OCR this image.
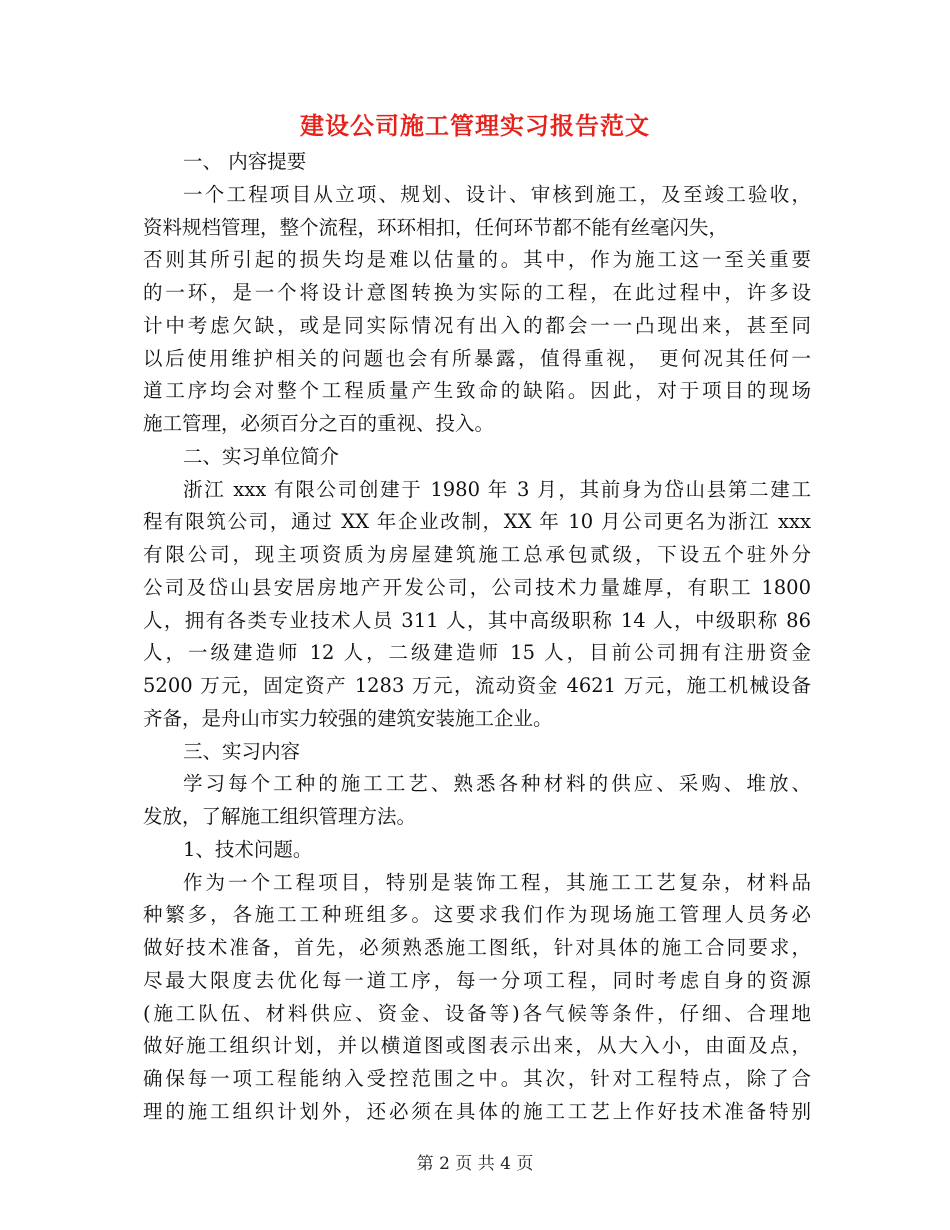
建设公司施工管理实习报告范文
一、 内容提要
一个工程项目从立项、规划、设计、审核到施工，及至竣工验收，
资料规档管理，整个流程，环环相扣，任何环节都不能有丝毫闪失，
否则其所引起的损失均是难以估量的。其中，作为施工这一至关重要
的一环，是一个将设计意图转换为实际的工程，在此过程中，许多设
计中考虑欠缺，或是同实际情况有出入的都会一一凸现出来，甚至同
以后使用维护相关的问题也会有所暴露，值得重视， 更何况其任何一
道工序均会对整个工程质量产生致命的缺陷。因此，对于项目的现场
施工管理，必须百分之百的重视、投入。
二、实习单位简介
浙江 xxx 有限公司创建于 1980 年 3 月，其前身为岱山县第二建工
程有限筑公司，通过 XX 年企业改制，XX 年 10 月公司更名为浙江 xxx
有限公司，现主项资质为房屋建筑施工总承包贰级，下设五个驻外分
公司及岱山县安居房地产开发公司，公司技术力量雄厚，有职工 1800
人，拥有各类专业技术人员 311 人，其中高级职称 14 人，中级职称 86
人，一级建造师 12 人，二级建造师 15 人，目前公司拥有注册资金
5200 万元，固定资产 1283 万元，流动资金 4621 万元，施工机械设备
齐备，是舟山市实力较强的建筑安装施工企业。
三、实习内容
学习每个工种的施工工艺、熟悉各种材料的供应、采购、堆放、
发放，了解施工组织管理方法。
1、技术问题。
作为一个工程项目，特别是装饰工程，其施工工艺复杂，材料品
种繁多，各施工工种班组多。这要求我们作为现场施工管理人员务必
做好技术准备，首先，必须熟悉施工图纸，针对具体的施工合同要求，
尽最大限度去优化每一道工序，每一分项工程，同时考虑自身的资源
(施工队伍、材料供应、资金、设备等)各气候等条件，仔细、合理地
做好施工组织计划，并以横道图或图表示出来，从大入小，由面及点，
确保每一项工程能纳入受控范围之中。其次，针对工程特点，除了合
理的施工组织计划外，还必须在具体的施工工艺上作好技术准备特别
第 2 页 共 4 页
